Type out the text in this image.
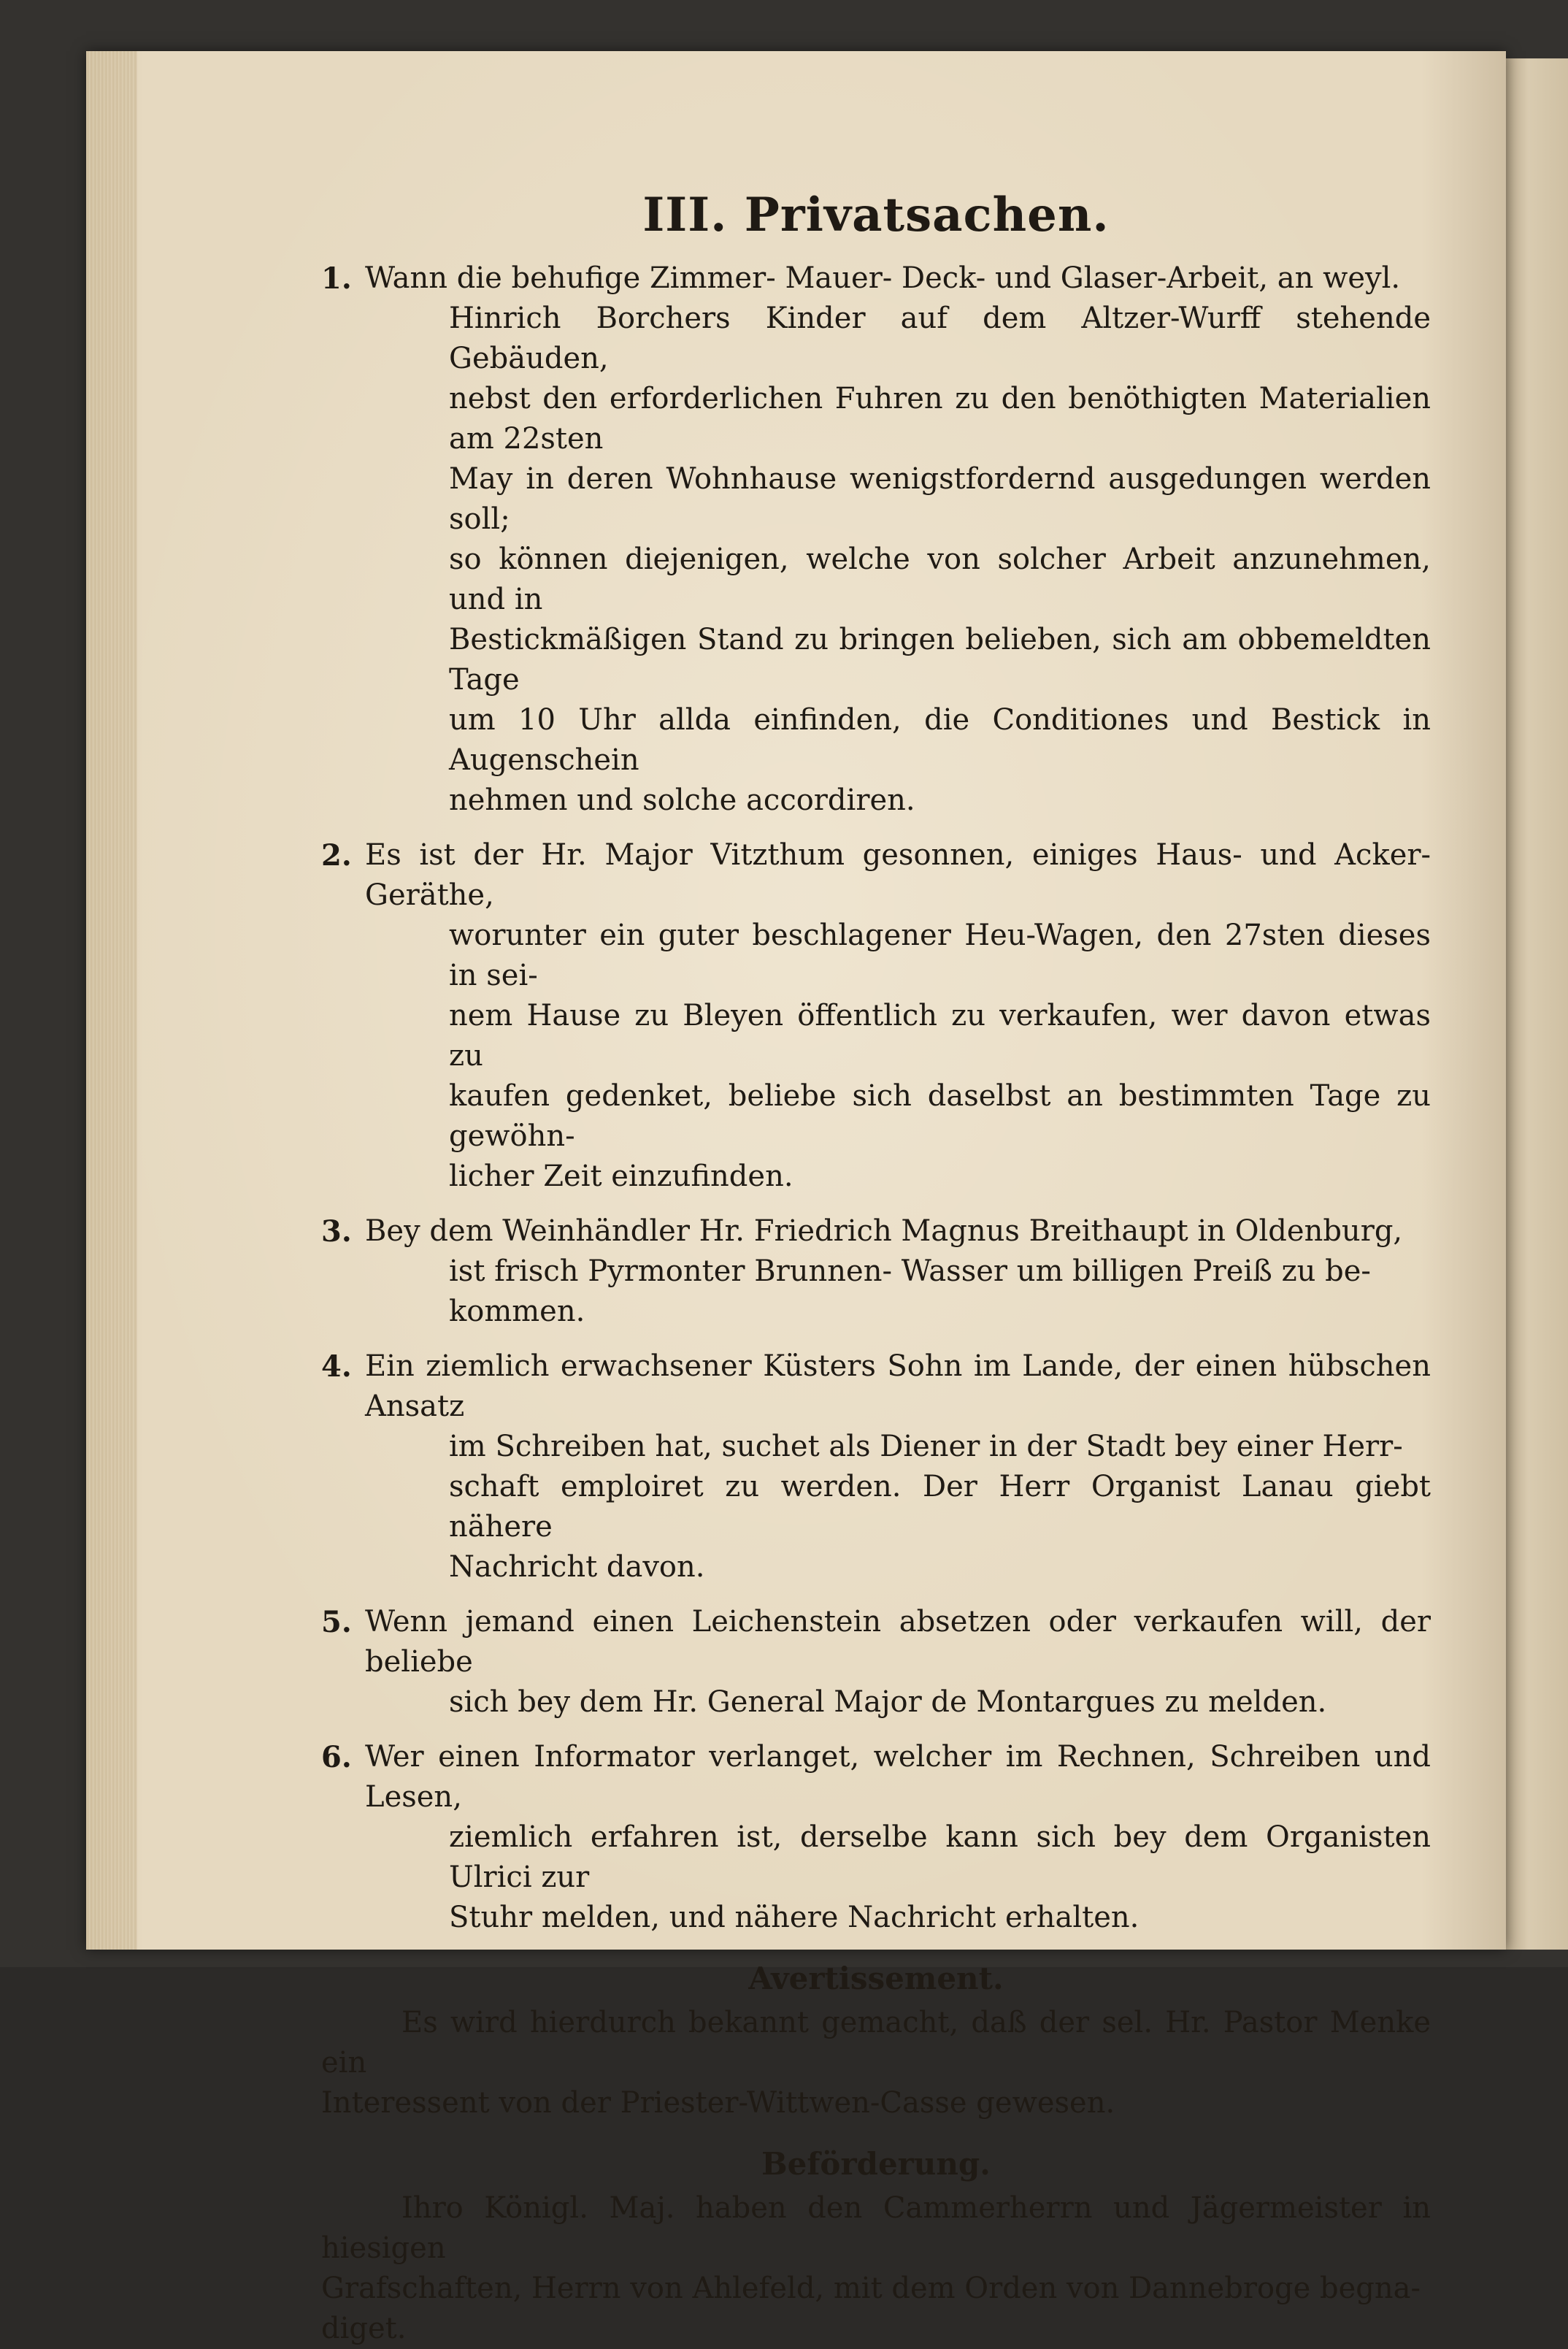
III. Privatsachen.
1. Wann die behufige Zimmer- Mauer- Deck- und Glaser-Arbeit, an weyl.
Hinrich Borchers Kinder auf dem Altzer-Wurff stehende Gebäuden,
nebst den erforderlichen Fuhren zu den benöthigten Materialien am 22sten
May in deren Wohnhause wenigstfordernd ausgedungen werden soll;
so können diejenigen, welche von solcher Arbeit anzunehmen, und in
Bestickmäßigen Stand zu bringen belieben, sich am obbemeldten Tage
um 10 Uhr allda einfinden, die Conditiones und Bestick in Augenschein
nehmen und solche accordiren.
2. Es ist der Hr. Major Vitzthum gesonnen, einiges Haus- und Acker-Geräthe,
worunter ein guter beschlagener Heu-Wagen, den 27sten dieses in sei-
nem Hause zu Bleyen öffentlich zu verkaufen, wer davon etwas zu
kaufen gedenket, beliebe sich daselbst an bestimmten Tage zu gewöhn-
licher Zeit einzufinden.
3. Bey dem Weinhändler Hr. Friedrich Magnus Breithaupt in Oldenburg,
ist frisch Pyrmonter Brunnen- Wasser um billigen Preiß zu be-
kommen.
4. Ein ziemlich erwachsener Küsters Sohn im Lande, der einen hübschen Ansatz
im Schreiben hat, suchet als Diener in der Stadt bey einer Herr-
schaft emploiret zu werden. Der Herr Organist Lanau giebt nähere
Nachricht davon.
5. Wenn jemand einen Leichenstein absetzen oder verkaufen will, der beliebe
sich bey dem Hr. General Major de Montargues zu melden.
6. Wer einen Informator verlanget, welcher im Rechnen, Schreiben und Lesen,
ziemlich erfahren ist, derselbe kann sich bey dem Organisten Ulrici zur
Stuhr melden, und nähere Nachricht erhalten.
Avertissement.
Es wird hierdurch bekannt gemacht, daß der sel. Hr. Pastor Menke ein
Interessent von der Priester-Wittwen-Casse gewesen.
Beförderung.
Ihro Königl. Maj. haben den Cammerherrn und Jägermeister in hiesigen
Grafschaften, Herrn von Ahlefeld, mit dem Orden von Dannebroge begna-
diget.
